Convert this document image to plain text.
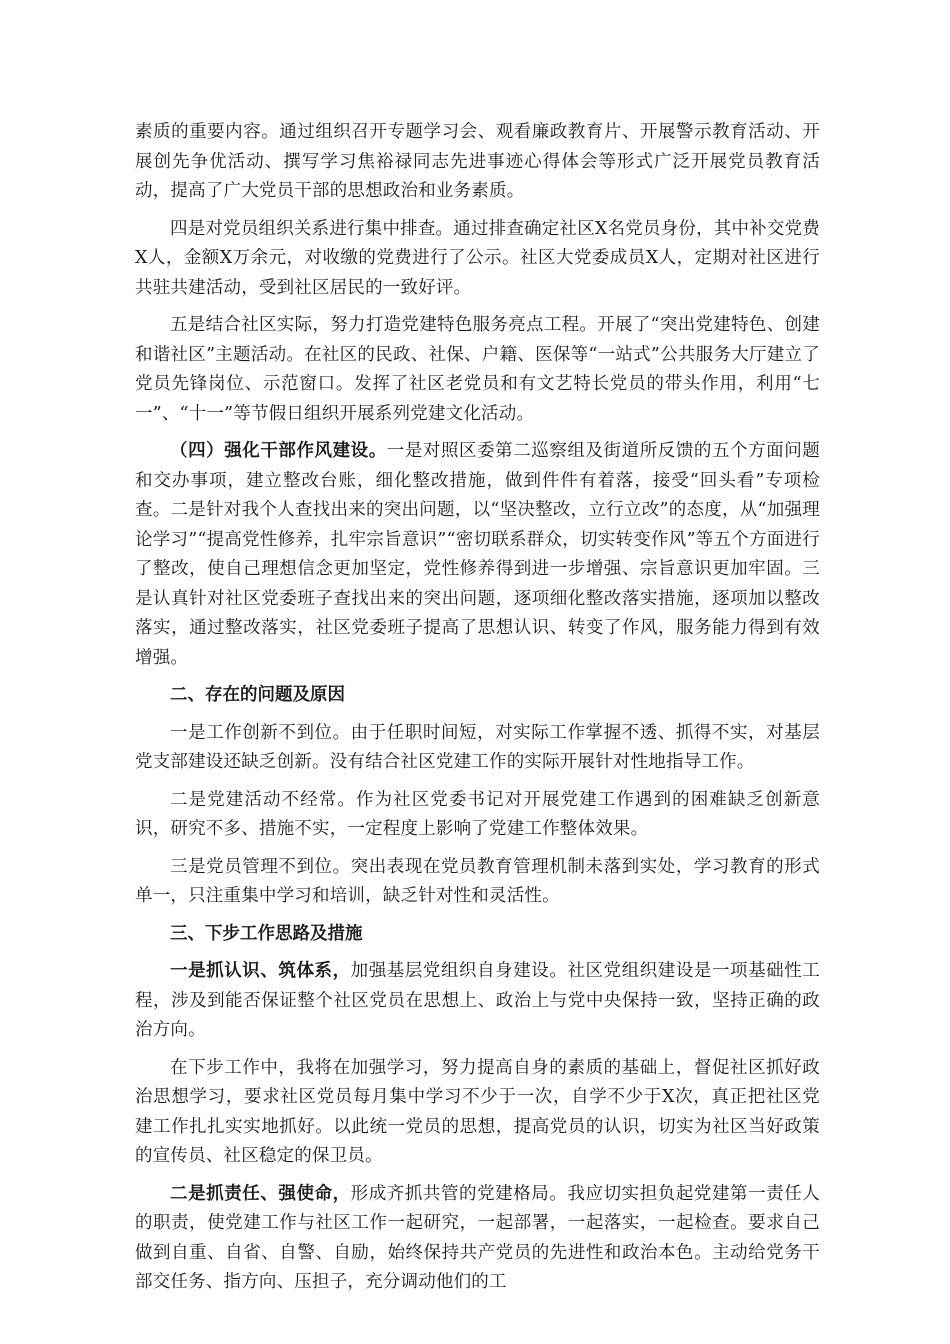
素质的重要内容。通过组织召开专题学习会、观看廉政教育片、开展警示教育活动、开展创先争优活动、撰写学习焦裕禄同志先进事迹心得体会等形式广泛开展党员教育活动，提高了广大党员干部的思想政治和业务素质。

四是对党员组织关系进行集中排查。通过排查确定社区X名党员身份，其中补交党费X人，金额X万余元，对收缴的党费进行了公示。社区大党委成员X人，定期对社区进行共驻共建活动，受到社区居民的一致好评。

五是结合社区实际，努力打造党建特色服务亮点工程。开展了“突出党建特色、创建和谐社区”主题活动。在社区的民政、社保、户籍、医保等“一站式”公共服务大厅建立了党员先锋岗位、示范窗口。发挥了社区老党员和有文艺特长党员的带头作用，利用“七一”、“十一”等节假日组织开展系列党建文化活动。

（四）强化干部作风建设。一是对照区委第二巡察组及街道所反馈的五个方面问题和交办事项，建立整改台账，细化整改措施，做到件件有着落，接受“回头看”专项检查。二是针对我个人查找出来的突出问题，以“坚决整改，立行立改”的态度，从“加强理论学习”“提高党性修养，扎牢宗旨意识”“密切联系群众，切实转变作风”等五个方面进行了整改，使自己理想信念更加坚定，党性修养得到进一步增强、宗旨意识更加牢固。三是认真针对社区党委班子查找出来的突出问题，逐项细化整改落实措施，逐项加以整改落实，通过整改落实，社区党委班子提高了思想认识、转变了作风，服务能力得到有效增强。

二、存在的问题及原因

一是工作创新不到位。由于任职时间短，对实际工作掌握不透、抓得不实，对基层党支部建设还缺乏创新。没有结合社区党建工作的实际开展针对性地指导工作。

二是党建活动不经常。作为社区党委书记对开展党建工作遇到的困难缺乏创新意识，研究不多、措施不实，一定程度上影响了党建工作整体效果。

三是党员管理不到位。突出表现在党员教育管理机制未落到实处，学习教育的形式单一，只注重集中学习和培训，缺乏针对性和灵活性。

三、下步工作思路及措施

一是抓认识、筑体系，加强基层党组织自身建设。社区党组织建设是一项基础性工程，涉及到能否保证整个社区党员在思想上、政治上与党中央保持一致，坚持正确的政治方向。

在下步工作中，我将在加强学习，努力提高自身的素质的基础上，督促社区抓好政治思想学习，要求社区党员每月集中学习不少于一次，自学不少于X次，真正把社区党建工作扎扎实实地抓好。以此统一党员的思想，提高党员的认识，切实为社区当好政策的宣传员、社区稳定的保卫员。

二是抓责任、强使命，形成齐抓共管的党建格局。我应切实担负起党建第一责任人的职责，使党建工作与社区工作一起研究，一起部署，一起落实，一起检查。要求自己做到自重、自省、自警、自励，始终保持共产党员的先进性和政治本色。主动给党务干部交任务、指方向、压担子，充分调动他们的工
